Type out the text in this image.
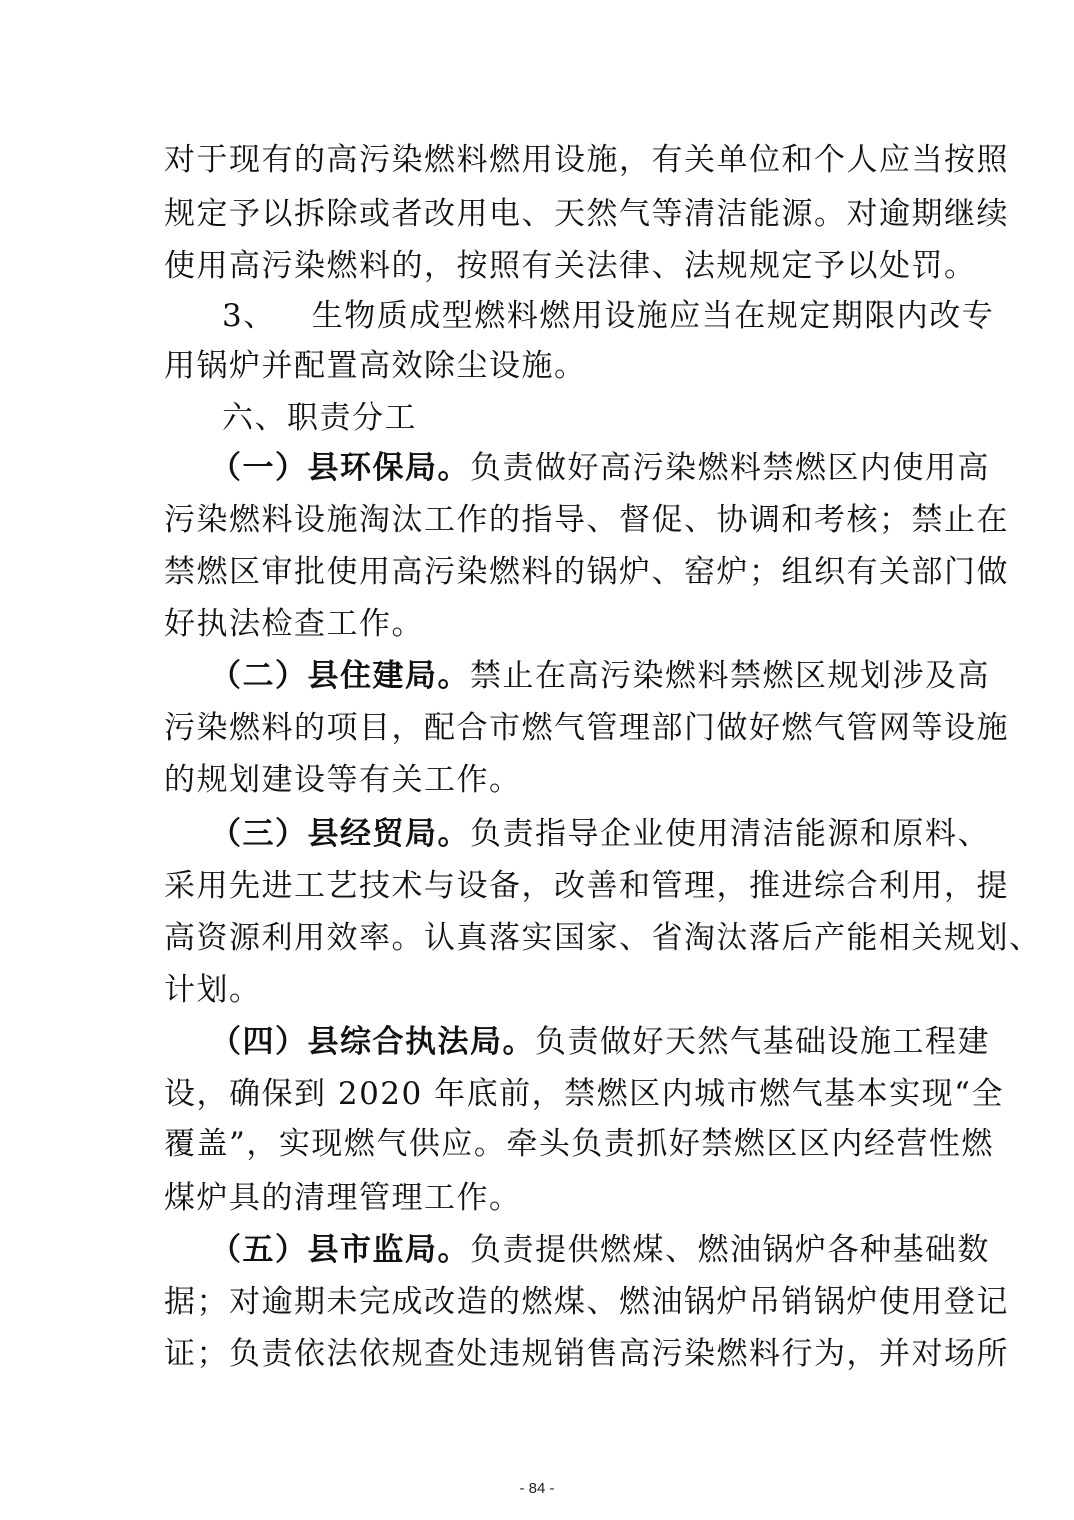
对于现有的高污染燃料燃用设施，有关单位和个人应当按照
规定予以拆除或者改用电、天然气等清洁能源。对逾期继续
使用高污染燃料的，按照有关法律、法规规定予以处罚。
3、 生物质成型燃料燃用设施应当在规定期限内改专
用锅炉并配置高效除尘设施。
六、职责分工
（一）县环保局。负责做好高污染燃料禁燃区内使用高
污染燃料设施淘汰工作的指导、督促、协调和考核；禁止在
禁燃区审批使用高污染燃料的锅炉、窑炉；组织有关部门做
好执法检查工作。
（二）县住建局。禁止在高污染燃料禁燃区规划涉及高
污染燃料的项目，配合市燃气管理部门做好燃气管网等设施
的规划建设等有关工作。
（三）县经贸局。负责指导企业使用清洁能源和原料、
采用先进工艺技术与设备，改善和管理，推进综合利用，提
高资源利用效率。认真落实国家、省淘汰落后产能相关规划、
计划。
（四）县综合执法局。负责做好天然气基础设施工程建
设，确保到 2020 年底前，禁燃区内城市燃气基本实现“全
覆盖”，实现燃气供应。牵头负责抓好禁燃区区内经营性燃
煤炉具的清理管理工作。
（五）县市监局。负责提供燃煤、燃油锅炉各种基础数
据；对逾期未完成改造的燃煤、燃油锅炉吊销锅炉使用登记
证；负责依法依规查处违规销售高污染燃料行为，并对场所
- 84 -
